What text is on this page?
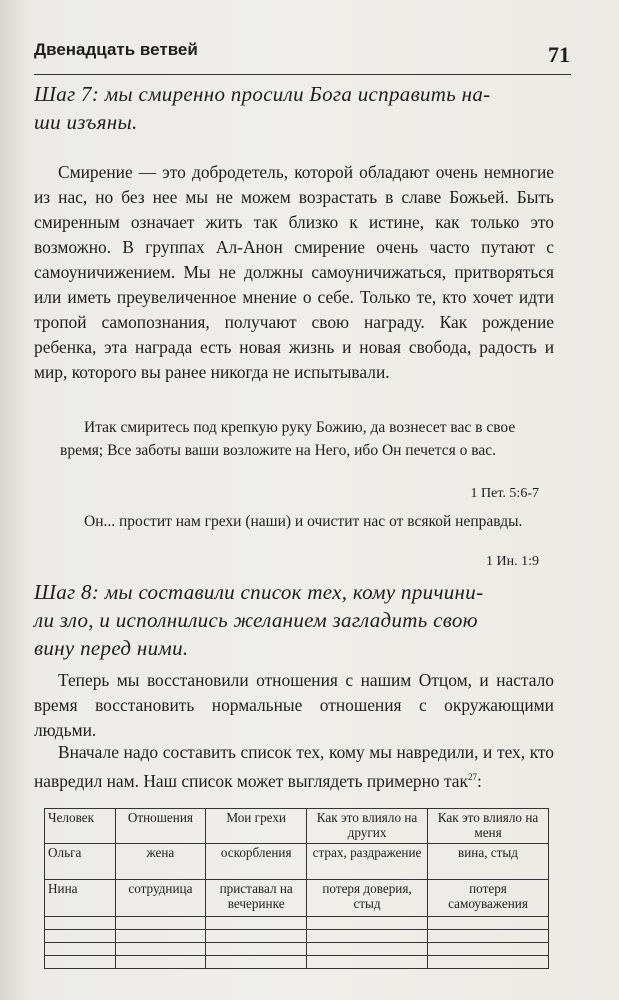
Двенадцать ветвей	71
Шаг 7: мы смиренно просили Бога исправить на-
ши изъяны.

Смирение — это добродетель, которой обладают очень немногие из нас, но без нее мы не можем возрастать в славе Божьей. Быть смиренным означает жить так близко к истине, как только это возможно. В группах Ал-Анон смирение очень часто путают с самоуничижением. Мы не должны самоуничижаться, притворяться или иметь преувеличенное мнение о себе. Только те, кто хочет идти тропой самопознания, получают свою награду. Как рождение ребенка, эта награда есть новая жизнь и новая свобода, радость и мир, которого вы ранее никогда не испытывали.

Итак смиритесь под крепкую руку Божию, да вознесет вас в свое время; Все заботы ваши возложите на Него, ибо Он печется о вас.

1 Пет. 5:6-7

Он... простит нам грехи (наши) и очистит нас от всякой неправды.

1 Ин. 1:9
Шаг 8: мы составили список тех, кому причини-
ли зло, и исполнились желанием загладить свою
вину перед ними.

Теперь мы восстановили отношения с нашим Отцом, и настало время восстановить нормальные отношения с окружающими людьми.

Вначале надо составить список тех, кому мы навредили, и тех, кто навредил нам. Наш список может выглядеть примерно так$^{27}$:

Человек	Отношения	Мои грехи	Как это влияло на других	Как это влияло на меня
Ольга	жена	оскорбления	страх, раздражение	вина, стыд
Нина	сотрудница	приставал на вечеринке	потеря доверия, стыд	потеря самоуважения
